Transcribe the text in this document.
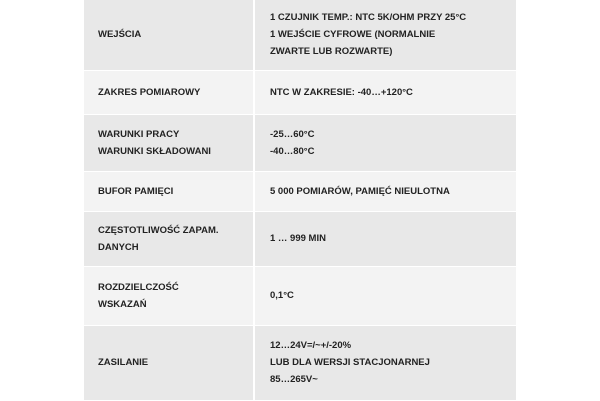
WEJŚCIA	1 CZUJNIK TEMP.: NTC 5K/OHM PRZY 25°C
1 WEJŚCIE CYFROWE (NORMALNIE
ZWARTE LUB ROZWARTE)

ZAKRES POMIAROWY	NTC W ZAKRESIE: -40…+120°C

WARUNKI PRACY
WARUNKI SKŁADOWANI	-25…60°C
-40…80°C

BUFOR PAMIĘCI	5 000 POMIARÓW, PAMIĘĆ NIEULOTNA

CZĘSTOTLIWOŚĆ ZAPAM.
DANYCH	1 … 999 MIN

ROZDZIELCZOŚĆ
WSKAZAŃ	0,1°C

ZASILANIE	12…24V=/~+/-20%
LUB DLA WERSJI STACJONARNEJ
85…265V~
